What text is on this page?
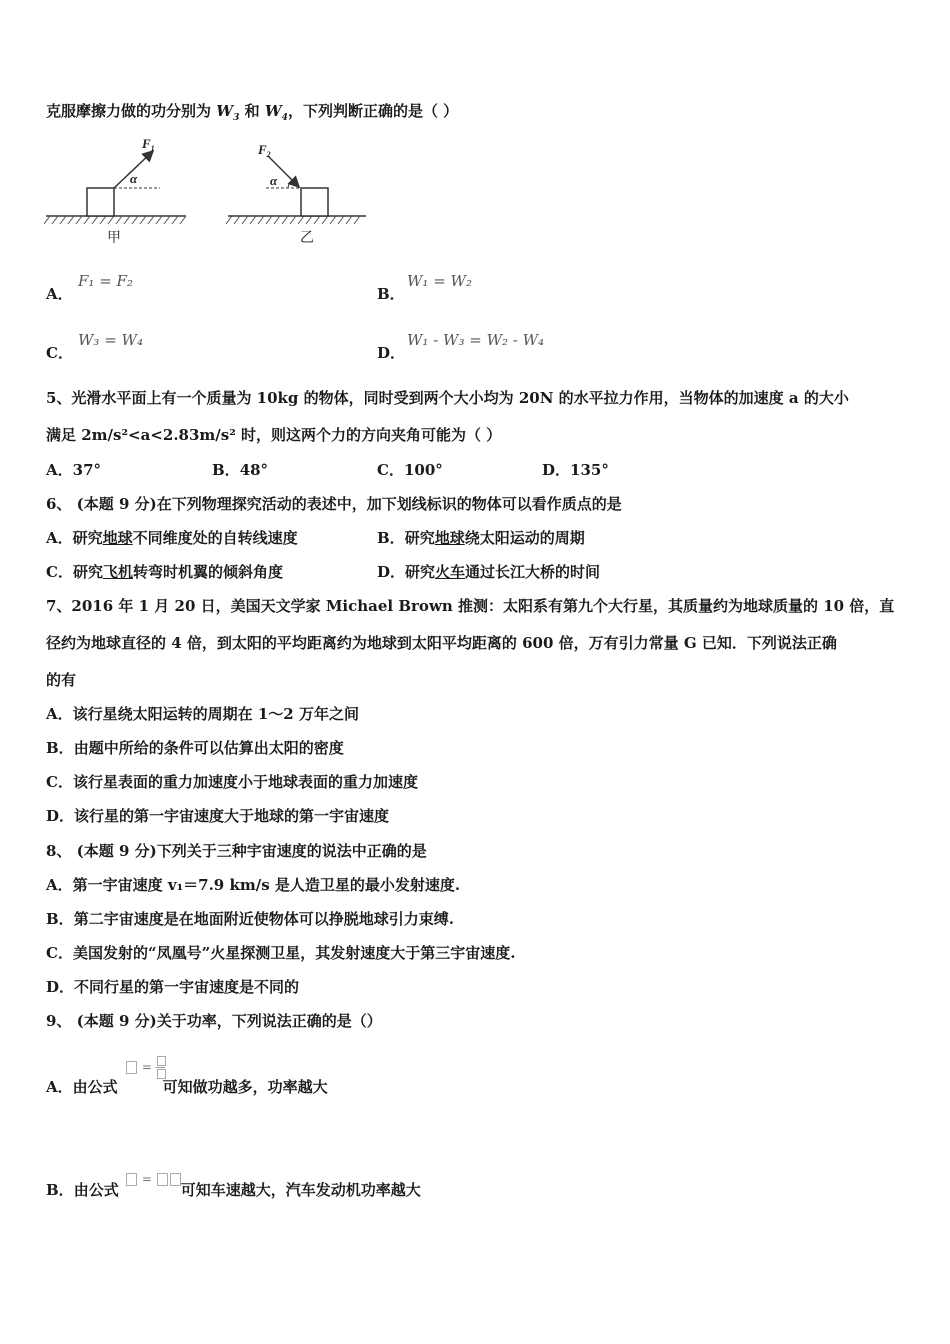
克服摩擦力做的功分别为 $W_3$ 和 $W_4$，下列判断正确的是（ ）
$F_1$
α
甲
$F_2$
α
乙
A．
F₁ = F₂
B．
W₁ = W₂
C．
W₃ = W₄
D．
W₁ - W₃ = W₂ - W₄
5、光滑水平面上有一个质量为 10kg 的物体，同时受到两个大小均为 20N 的水平拉力作用，当物体的加速度 a 的大小
满足 2m/s²<a<2.83m/s² 时，则这两个力的方向夹角可能为（ ）
A．37°	B．48°	C．100°	D．135°
6、 (本题 9 分)在下列物理探究活动的表述中，加下划线标识的物体可以看作质点的是
A．研究地球不同维度处的自转线速度	B．研究地球绕太阳运动的周期
C．研究飞机转弯时机翼的倾斜角度	D．研究火车通过长江大桥的时间
7、2016 年 1 月 20 日，美国天文学家 Michael Brown 推测：太阳系有第九个大行星，其质量约为地球质量的 10 倍，直
径约为地球直径的 4 倍，到太阳的平均距离约为地球到太阳平均距离的 600 倍，万有引力常量 G 已知．下列说法正确
的有
A．该行星绕太阳运转的周期在 1～2 万年之间
B．由题中所给的条件可以估算出太阳的密度
C．该行星表面的重力加速度小于地球表面的重力加速度
D．该行星的第一宇宙速度大于地球的第一宇宙速度
8、 (本题 9 分)下列关于三种宇宙速度的说法中正确的是
A．第一宇宙速度 v₁＝7.9 km/s 是人造卫星的最小发射速度.
B．第二宇宙速度是在地面附近使物体可以挣脱地球引力束缚.
C．美国发射的“凤凰号”火星探测卫星，其发射速度大于第三宇宙速度.
D．不同行星的第一宇宙速度是不同的
9、 (本题 9 分)关于功率，下列说法正确的是（）
A．由公式	可知做功越多，功率越大
=
B．由公式	可知车速越大，汽车发动机功率越大
=
